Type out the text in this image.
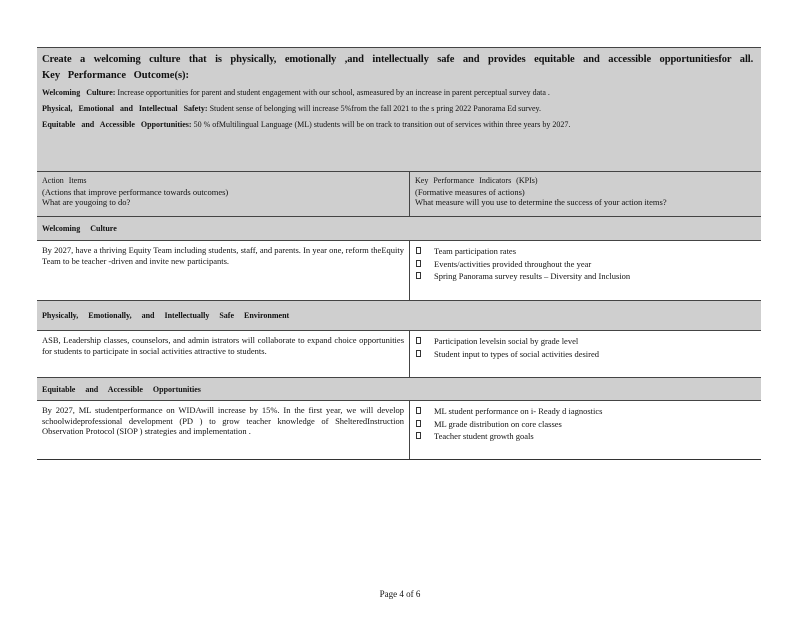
Create a welcoming culture that is physically, emotionally ,and intellectually safe and provides equitable and accessible opportunitiesfor all.
Key Performance Outcome(s):
Welcoming Culture: Increase opportunities for parent and student engagement with our school, asmeasured by an increase in parent perceptual survey data .
Physical, Emotional and Intellectual Safety: Student sense of belonging will increase 5%from the fall 2021 to the s pring 2022 Panorama Ed survey.
Equitable and Accessible Opportunities: 50 % ofMultilingual Language (ML) students will be on track to transition out of services within three years by 2027.
Action Items
(Actions that improve performance towards outcomes)
What are yougoing to do?
Key Performance Indicators (KPIs)
(Formative measures of actions)
What measure will you use to determine the success of your action items?
Welcoming Culture
By 2027, have a thriving Equity Team including students, staff, and parents. In year one, reform theEquity Team to be teacher -driven and invite new participants.
Team participation rates
Events/activities provided throughout the year
Spring Panorama survey results – Diversity and Inclusion
Physically, Emotionally, and Intellectually Safe Environment
ASB, Leadership classes, counselors, and admin istrators will collaborate to expand choice opportunities for students to participate in social activities attractive to students.
Participation levelsin social by grade level
Student input to types of social activities desired
Equitable and Accessible Opportunities
By 2027, ML studentperformance on WIDAwill increase by 15%. In the first year, we will develop schoolwideprofessional development (PD ) to grow teacher knowledge of ShelteredInstruction Observation Protocol (SIOP ) strategies and implementation .
ML student performance on i- Ready d iagnostics
ML grade distribution on core classes
Teacher student growth goals
Page 4 of 6
